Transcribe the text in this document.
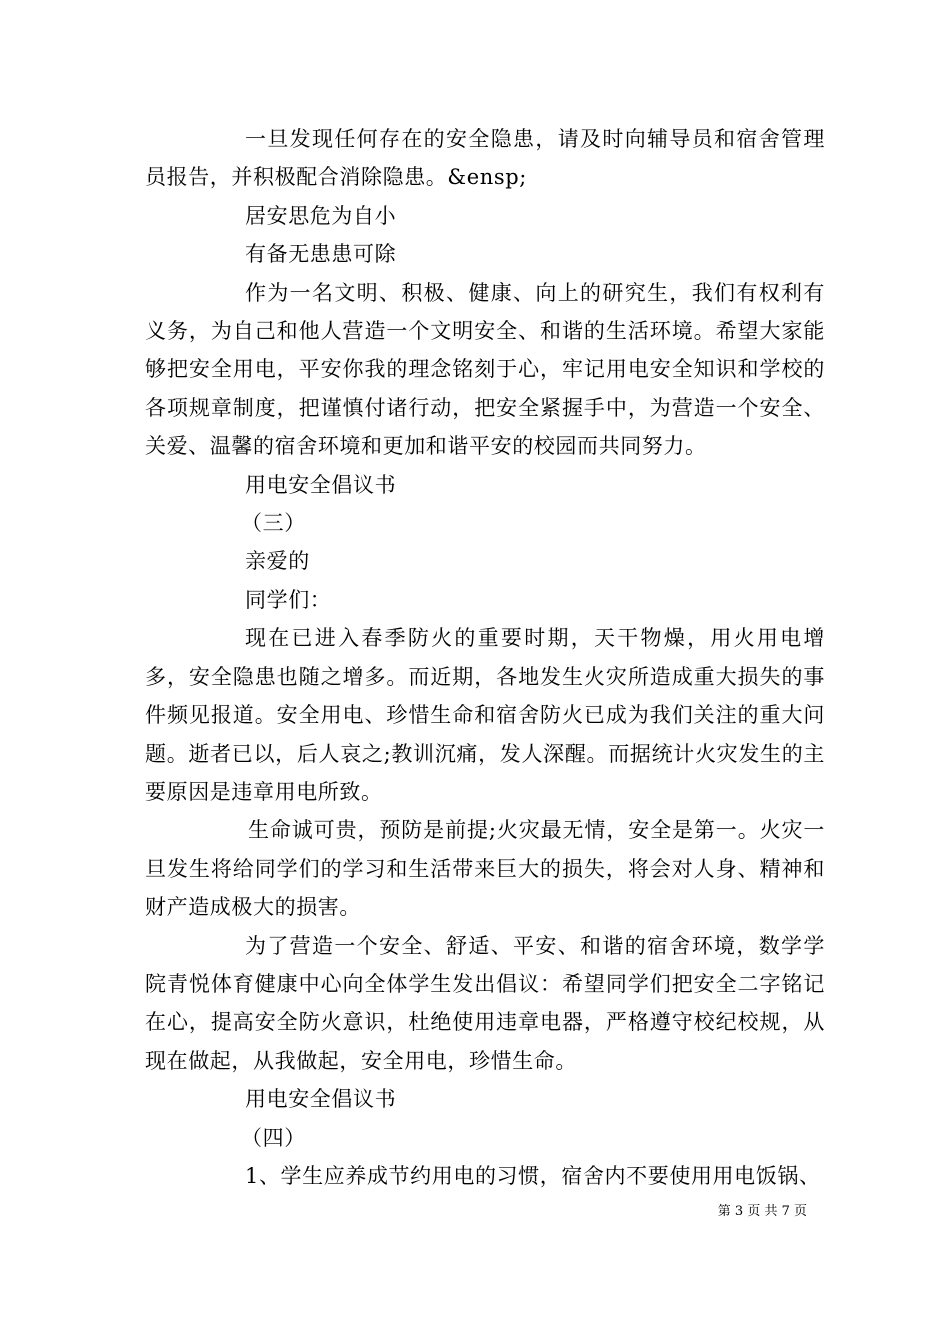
一旦发现任何存在的安全隐患，请及时向辅导员和宿舍管理员报告，并积极配合消除隐患。&ensp;

居安思危为自小

有备无患患可除

作为一名文明、积极、健康、向上的研究生，我们有权利有义务，为自己和他人营造一个文明安全、和谐的生活环境。希望大家能够把安全用电，平安你我的理念铭刻于心，牢记用电安全知识和学校的各项规章制度，把谨慎付诸行动，把安全紧握手中，为营造一个安全、关爱、温馨的宿舍环境和更加和谐平安的校园而共同努力。

用电安全倡议书

（三）

亲爱的

同学们：

现在已进入春季防火的重要时期，天干物燥，用火用电增多，安全隐患也随之增多。而近期，各地发生火灾所造成重大损失的事件频见报道。安全用电、珍惜生命和宿舍防火已成为我们关注的重大问题。逝者已以，后人哀之;教训沉痛，发人深醒。而据统计火灾发生的主要原因是违章用电所致。

生命诚可贵，预防是前提;火灾最无情，安全是第一。火灾一旦发生将给同学们的学习和生活带来巨大的损失，将会对人身、精神和财产造成极大的损害。

为了营造一个安全、舒适、平安、和谐的宿舍环境，数学学院青悦体育健康中心向全体学生发出倡议：希望同学们把安全二字铭记在心，提高安全防火意识，杜绝使用违章电器，严格遵守校纪校规，从现在做起，从我做起，安全用电，珍惜生命。

用电安全倡议书

（四）

1、学生应养成节约用电的习惯，宿舍内不要使用用电饭锅、

第 3 页 共 7 页
